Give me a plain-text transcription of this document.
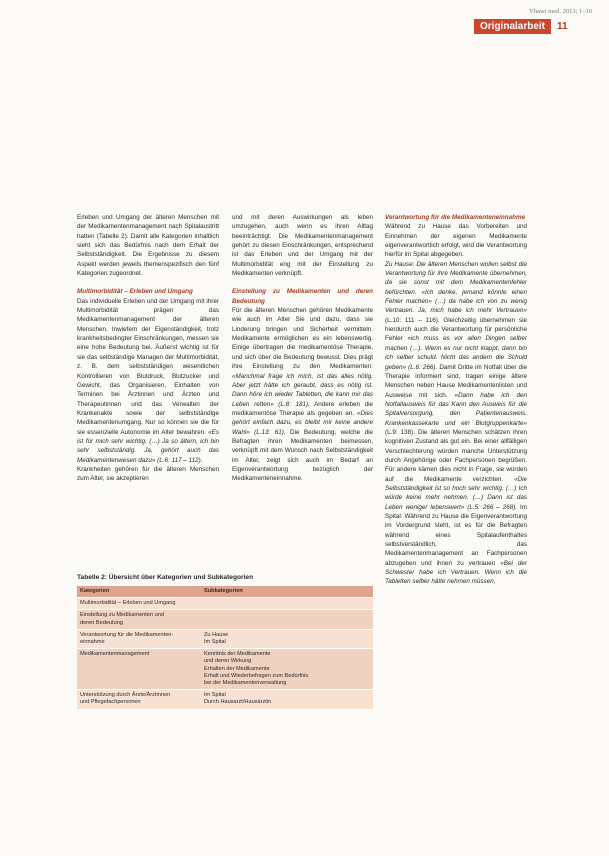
Vhawi med. 2013; 1–10
Originalarbeit	11

Erleben und Umgang der älteren Menschen mit der Medikamentenmanagement nach Spitalaustritt hatten (Tabelle 2). Damit alle Kategorien inhaltlich sieht sich das Bedürfnis nach dem Erhalt der Selbstständigkeit. Die Ergebnisse zu diesem Aspekt werden jeweils themenspezifisch den fünf Kategorien zugeordnet.

Multimorbidität – Erleben und Umgang

Das individuelle Erleben und der Umgang mit ihrer Multimorbidität prägen das Medikamentenmanagement der älteren Menschen. Inwiefern der Eigenständigkeit, trotz krankheitsbedingter Einschränkungen, messen sie eine hohe Bedeutung bei. Äußerst wichtig ist für sie das selbständige Managen der Multimorbidität, z. B. dem selbstständigen wesentlichen Kontrollieren von Blutdruck, Blutzucker und Gewicht, das Organisieren, Einhalten von Terminen bei Ärztinnen und Ärzten und Therapeutinnen und das Verwalten der Krankenakte sowie der selbstständige Medikamentenumgang. Nur so können sie die für sie essenzielle Autonomie im Alter bewahren. «Es ist für mich sehr wichtig. (…) Ja so ältern, ich bin sehr selbstständig. Ja, gehört auch das Medikamentenwesen dazu» (L.6: 117 – 112).

Krankheiten gehören für die älteren Menschen zum Alter, sie akzeptieren

und mit deren Auswirkungen als leben umzugehen, auch wenn es ihren Alltag beeinträchtigt. Die Medikamentenmanagement gehört zu diesen Einschränkungen, entsprechend ist das Erleben und der Umgang mit der Multimorbidität eng mit der Einstellung zu Medikamenten verknüpft.

Einstellung zu Medikamenten und deren Bedeutung

Für die älteren Menschen gehören Medikamente wie auch im Alter Sie und dazu, dass sie Linderung bringen und Sicherheit vermitteln. Medikamente ermöglichen es ein lebenswertig. Einige übertragen die medikamentöse Therapie, und sich über die Bedeutung bewusst. Dies prägt ihre Einstellung zu den Medikamenten: «Manchmal frage ich mich, ist das alles nötig. Aber jetzt hätte ich geraubt, dass es nötig ist. Dann höre ich wieder Tabletten, die kann mir das Leben retten» (L.8: 181). Andere erleben die medikamentöse Therapie als gegeben an. «Dies gehört einfach dazu, es bleibt mir keine andere Wahl» (L.13: 61). Die Bedeutung, welche die Befragten ihren Medikamenten beimessen, verknüpft mit dem Wunsch nach Selbstständigkeit im Alter, zeigt sich auch im Bedarf an Eigenverantwortung bezüglich der Medikamenteneinnahme.

Verantwortung für die Medikamenteneinnahme

Während zu Hause das Vorbereiten und Einnehmen der eigenen Medikamente eigenverantwortlich erfolgt, wird die Verantwortung hierfür im Spital abgegeben.

Zu Hause: Die älteren Menschen wollen selbst die Verantwortung für ihre Medikamente übernehmen, da sie sonst mit dem Medikamentenfehler befürchten. «Ich denke, jemand könnte einen Fehler machen» (…) da habe ich von zu wenig Vertrauen. Ja, mich habe ich mehr Vertrauen» (L.10: 111 – 116). Gleichzeitig übernehmen sie hierdurch auch die Verantwortung für persönliche Fehler «ich muss es vor allen Dingen selber machen (…). Wenn es nur nicht klappt, dann bin ich selber schuld. Nicht das andern die Schuld geben» (L.6: 266). Damit Dritte im Notfall über die Therapie informiert sind, tragen einige ältere Menschen neben Hause Medikamentenlisten und Ausweise mit sich. «Dann habe ich den Notfallausweis für das Kann den Ausweis für die Spitalversorgung, den Patientenausweis. Krankenkassekarte und ein Blutgruppenkarte» (L.9: 138). Die älteren Menschen schätzen ihren kognitiven Zustand als gut ein. Bei einer allfälligen Verschlechterung würden manche Unterstützung durch Angehörige oder Fachpersonen begrüßen. Für andere kämen dies nicht in Frage, sie würden auf die Medikamente verzichten. «Die Selbstständigkeit ist so hoch sehr wichtig. (…) Ich würde keine mehr nehmen. (…) Dann ist das Leben weniger lebenswert» (L.5: 266 – 268). Im Spital: Während zu Hause die Eigenverantwortung im Vordergrund steht, ist es für die Befragten während eines Spitalaufenthaltes selbstverständlich, das Medikamentenmanagement an Fachpersonen abzugeben und ihnen zu vertrauen «Bei der Schwester habe ich Vertrauen. Wenn ich die Tabletten selber hätte nehmen müssen,

Tabelle 2: Übersicht über Kategorien und Subkategorien
Kategorien	Subkategorien

Multimorbidität – Erleben und Umgang	

Einstellung zu Medikamenten und
deren Bedeutung	

Verantwortung für die Medikamenten-
einnahme	Zu Hause
Im Spital

Medikamentenmanagement	Kenntnis der Medikamente
und deren Wirkung
Erhalten der Medikamente
Erhalt und Wiederbefragen zum Bedürfnis
bei der Medikamentenverwaltung

Unterstützung durch Ärzte/Ärztinnen
und Pflegefachpersonen	Im Spital
Durch Hausarzt/Hausärztin
